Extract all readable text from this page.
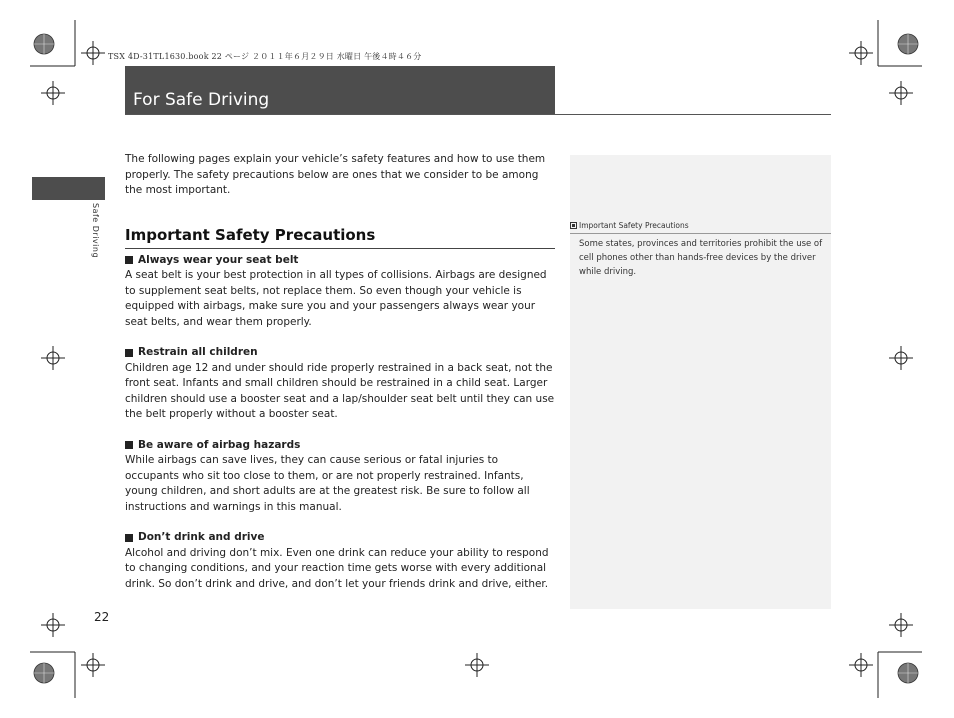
TSX 4D-31TL1630.book 22 ページ ２０１１年６月２９日 水曜日 午後４時４６分
For Safe Driving
Safe Driving

The following pages explain your vehicle’s safety features and how to use them properly. The safety precautions below are ones that we consider to be among the most important.

Important Safety Precautions
Always wear your seat belt

A seat belt is your best protection in all types of collisions. Airbags are designed to supplement seat belts, not replace them. So even though your vehicle is equipped with airbags, make sure you and your passengers always wear your seat belts, and wear them properly.

Restrain all children

Children age 12 and under should ride properly restrained in a back seat, not the front seat. Infants and small children should be restrained in a child seat. Larger children should use a booster seat and a lap/shoulder seat belt until they can use the belt properly without a booster seat.

Be aware of airbag hazards

While airbags can save lives, they can cause serious or fatal injuries to occupants who sit too close to them, or are not properly restrained. Infants, young children, and short adults are at the greatest risk. Be sure to follow all instructions and warnings in this manual.

Don’t drink and drive

Alcohol and driving don’t mix. Even one drink can reduce your ability to respond to changing conditions, and your reaction time gets worse with every additional drink. So don’t drink and drive, and don’t let your friends drink and drive, either.

Important Safety Precautions
Some states, provinces and territories prohibit the use of cell phones other than hands-free devices by the driver while driving.
22
